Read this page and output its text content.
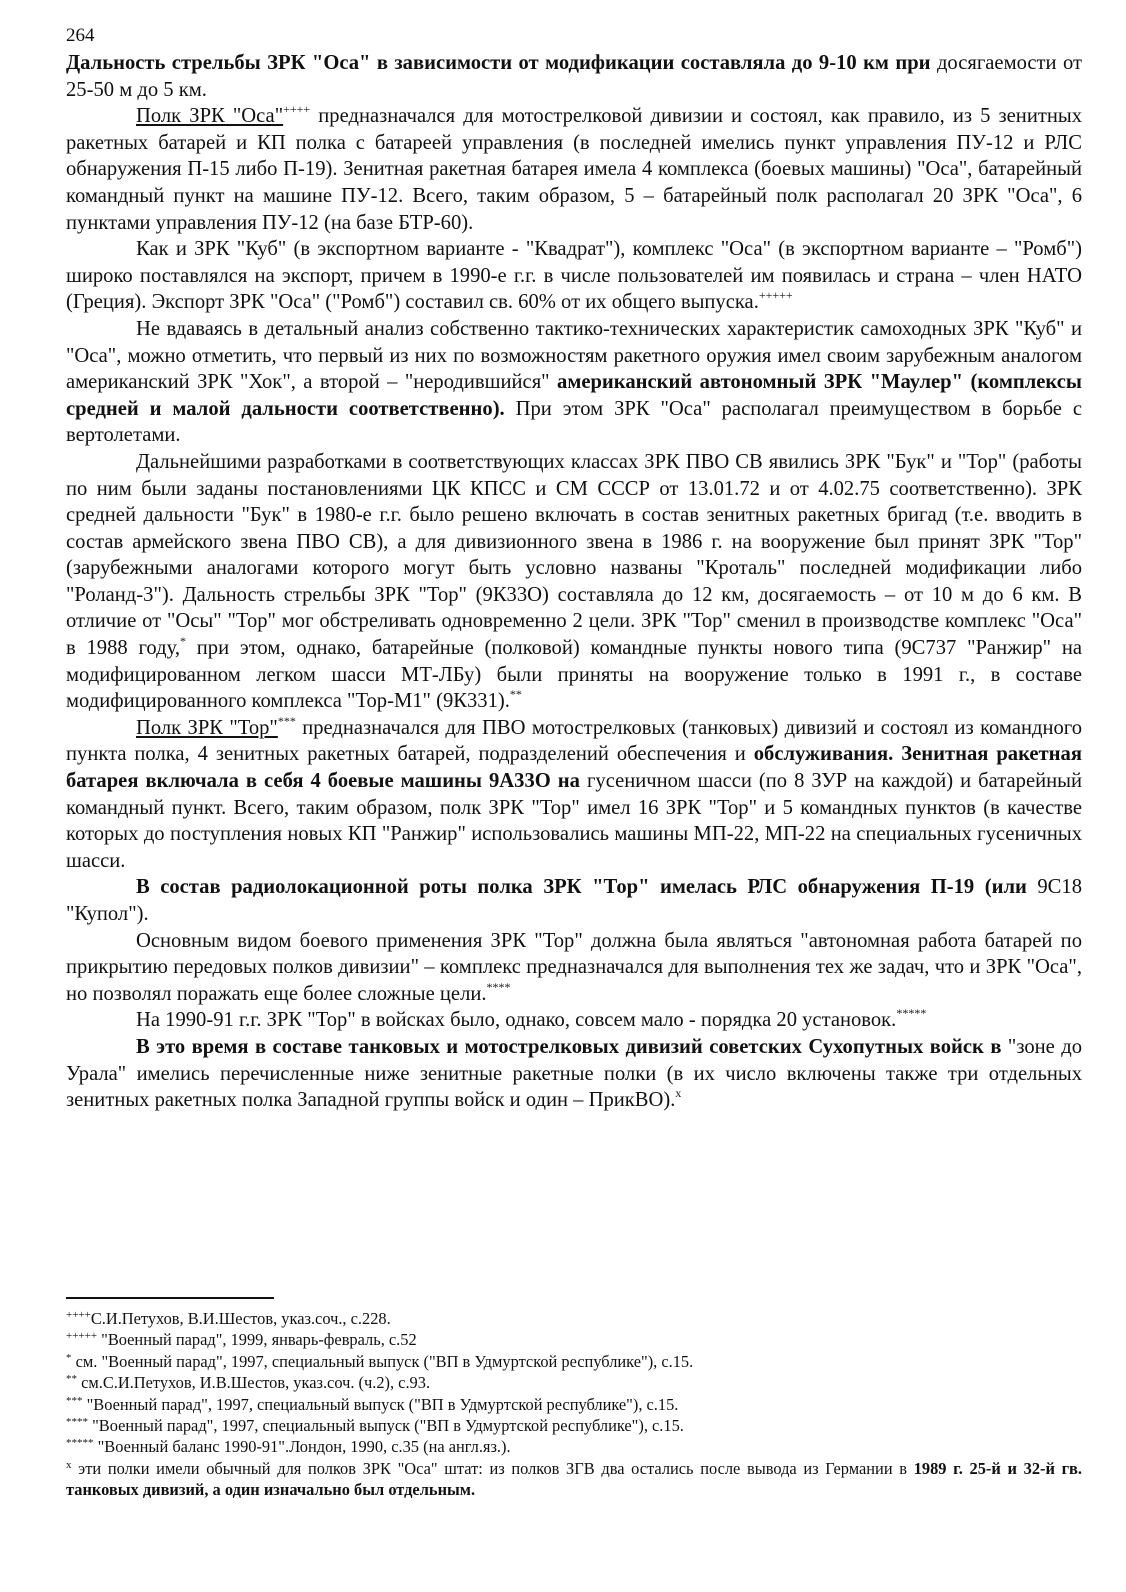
264

Дальность стрельбы ЗРК "Оса" в зависимости от модификации составляла до 9-10 км при досягаемости от 25-50 м до 5 км.

Полк ЗРК "Оса"++++ предназначался для мотострелковой дивизии и состоял, как правило, из 5 зенитных ракетных батарей и КП полка с батареей управления (в последней имелись пункт управления ПУ-12 и РЛС обнаружения П-15 либо П-19). Зенитная ракетная батарея имела 4 комплекса (боевых машины) "Оса", батарейный командный пункт на машине ПУ-12. Всего, таким образом, 5 – батарейный полк располагал 20 ЗРК "Оса", 6 пунктами управления ПУ-12 (на базе БТР-60).

Как и ЗРК "Куб" (в экспортном варианте - "Квадрат"), комплекс "Оса" (в экспортном варианте – "Ромб") широко поставлялся на экспорт, причем в 1990-е г.г. в числе пользователей им появилась и страна – член НАТО (Греция). Экспорт ЗРК "Оса" ("Ромб") составил св. 60% от их общего выпуска.+++++

Не вдаваясь в детальный анализ собственно тактико-технических характеристик самоходных ЗРК "Куб" и "Оса", можно отметить, что первый из них по возможностям ракетного оружия имел своим зарубежным аналогом американский ЗРК "Хок", а второй – "неродившийся" американский автономный ЗРК "Маулер" (комплексы средней и малой дальности соответственно). При этом ЗРК "Оса" располагал преимуществом в борьбе с вертолетами.

Дальнейшими разработками в соответствующих классах ЗРК ПВО СВ явились ЗРК "Бук" и "Тор" (работы по ним были заданы постановлениями ЦК КПСС и СМ СССР от 13.01.72 и от 4.02.75 соответственно). ЗРК средней дальности "Бук" в 1980-е г.г. было решено включать в состав зенитных ракетных бригад (т.е. вводить в состав армейского звена ПВО СВ), а для дивизионного звена в 1986 г. на вооружение был принят ЗРК "Тор" (зарубежными аналогами которого могут быть условно названы "Кроталь" последней модификации либо "Роланд-3"). Дальность стрельбы ЗРК "Тор" (9К33О) составляла до 12 км, досягаемость – от 10 м до 6 км. В отличие от "Осы" "Тор" мог обстреливать одновременно 2 цели. ЗРК "Тор" сменил в производстве комплекс "Оса" в 1988 году,* при этом, однако, батарейные (полковой) командные пункты нового типа (9С737 "Ранжир" на модифицированном легком шасси МТ-ЛБу) были приняты на вооружение только в 1991 г., в составе модифицированного комплекса "Тор-М1" (9К331).**

Полк ЗРК "Тор"*** предназначался для ПВО мотострелковых (танковых) дивизий и состоял из командного пункта полка, 4 зенитных ракетных батарей, подразделений обеспечения и обслуживания. Зенитная ракетная батарея включала в себя 4 боевые машины 9А33О на гусеничном шасси (по 8 ЗУР на каждой) и батарейный командный пункт. Всего, таким образом, полк ЗРК "Тор" имел 16 ЗРК "Тор" и 5 командных пунктов (в качестве которых до поступления новых КП "Ранжир" использовались машины МП-22, МП-22 на специальных гусеничных шасси.

В состав радиолокационной роты полка ЗРК "Тор" имелась РЛС обнаружения П-19 (или 9С18 "Купол").

Основным видом боевого применения ЗРК "Тор" должна была являться "автономная работа батарей по прикрытию передовых полков дивизии" – комплекс предназначался для выполнения тех же задач, что и ЗРК "Оса", но позволял поражать еще более сложные цели.****

На 1990-91 г.г. ЗРК "Тор" в войсках было, однако, совсем мало - порядка 20 установок.*****

В это время в составе танковых и мотострелковых дивизий советских Сухопутных войск в "зоне до Урала" имелись перечисленные ниже зенитные ракетные полки (в их число включены также три отдельных зенитных ракетных полка Западной группы войск и один – ПрикВО).$^x$

++++С.И.Петухов, В.И.Шестов, указ.соч., с.228.

+++++ "Военный парад", 1999, январь-февраль, с.52

* см. "Военный парад", 1997, специальный выпуск ("ВП в Удмуртской республике"), с.15.

** см.С.И.Петухов, И.В.Шестов, указ.соч. (ч.2), с.93.

*** "Военный парад", 1997, специальный выпуск ("ВП в Удмуртской республике"), с.15.

**** "Военный парад", 1997, специальный выпуск ("ВП в Удмуртской республике"), с.15.

***** "Военный баланс 1990-91".Лондон, 1990, с.35 (на англ.яз.).

$^x$ эти полки имели обычный для полков ЗРК "Оса" штат: из полков ЗГВ два остались после вывода из Германии в 1989 г. 25-й и 32-й гв. танковых дивизий, а один изначально был отдельным.
